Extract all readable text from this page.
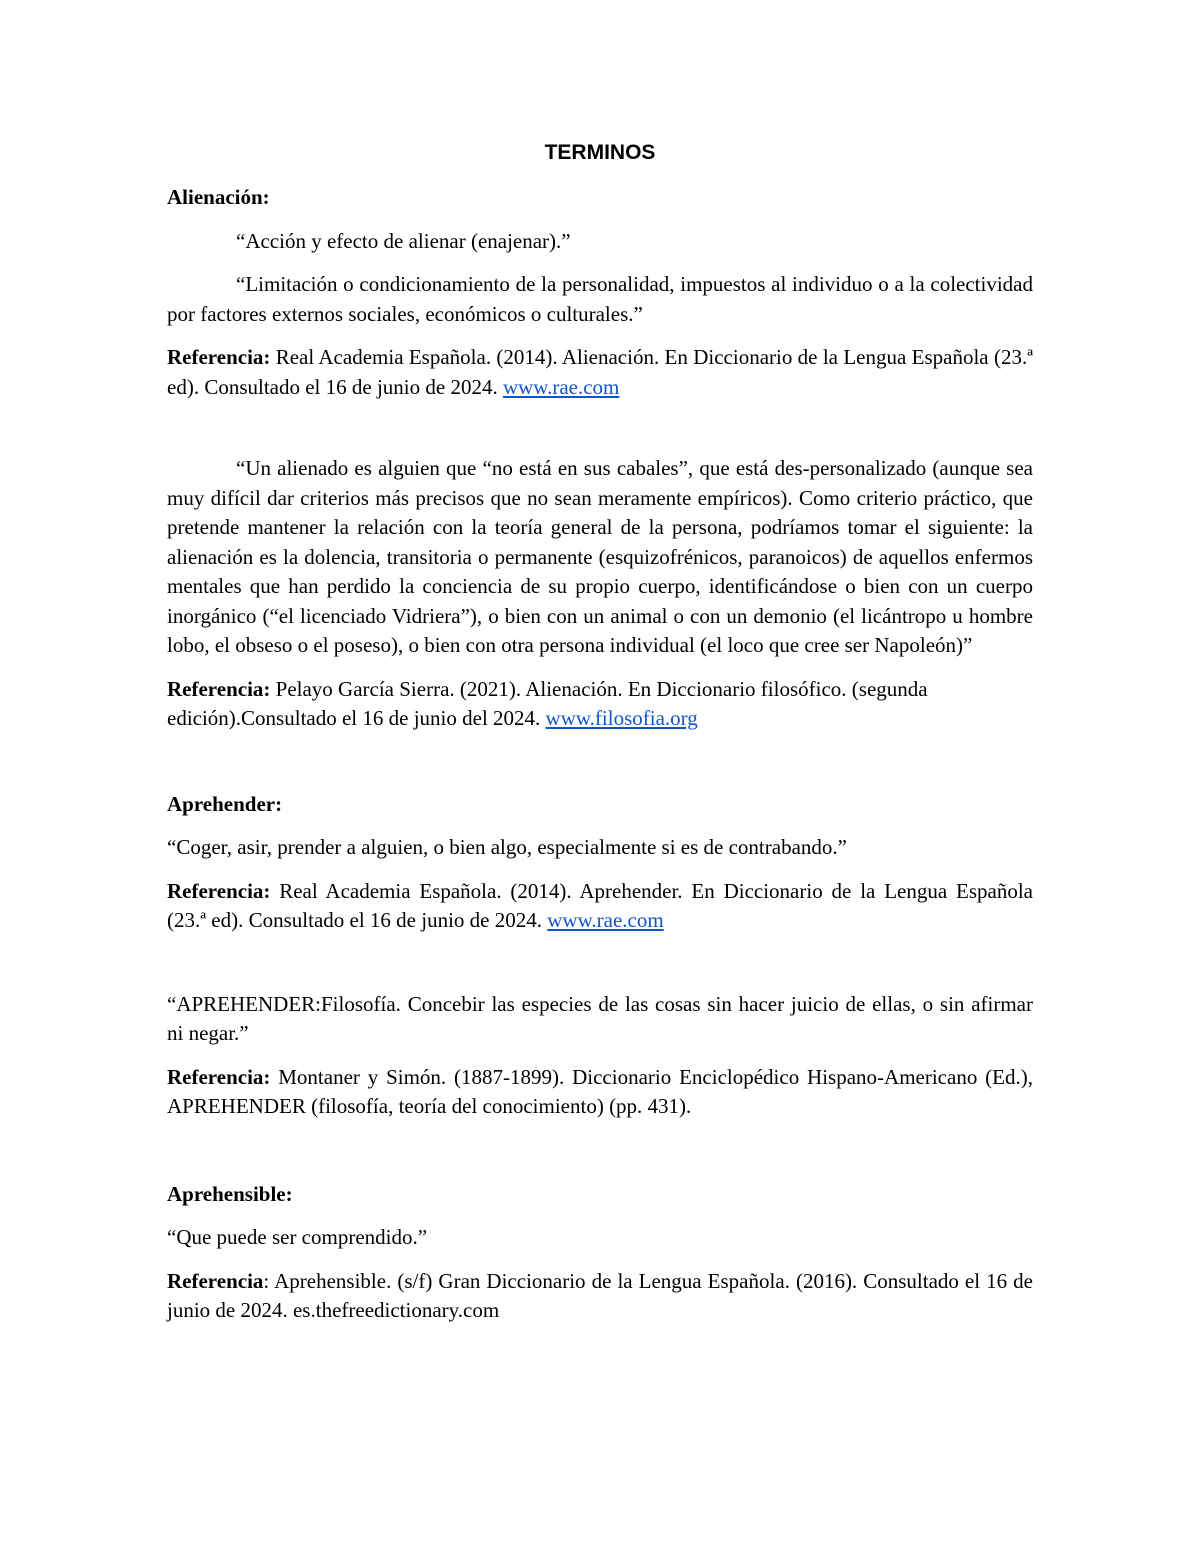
TERMINOS
Alienación:

“Acción y efecto de alienar (enajenar).”

“Limitación o condicionamiento de la personalidad, impuestos al individuo o a la colectividad por factores externos sociales, económicos o culturales.”

Referencia: Real Academia Española. (2014). Alienación. En Diccionario de la Lengua Española (23.ª ed). Consultado el 16 de junio de 2024. www.rae.com

“Un alienado es alguien que “no está en sus cabales”, que está des-personalizado (aunque sea muy difícil dar criterios más precisos que no sean meramente empíricos). Como criterio práctico, que pretende mantener la relación con la teoría general de la persona, podríamos tomar el siguiente: la alienación es la dolencia, transitoria o permanente (esquizofrénicos, paranoicos) de aquellos enfermos mentales que han perdido la conciencia de su propio cuerpo, identificándose o bien con un cuerpo inorgánico (“el licenciado Vidriera”), o bien con un animal o con un demonio (el licántropo u hombre lobo, el obseso o el poseso), o bien con otra persona individual (el loco que cree ser Napoleón)”

Referencia: Pelayo García Sierra. (2021). Alienación. En Diccionario filosófico. (segunda edición).Consultado el 16 de junio del 2024. www.filosofia.org

Aprehender:

“Coger, asir, prender a alguien, o bien algo, especialmente si es de contrabando.”

Referencia: Real Academia Española. (2014). Aprehender. En Diccionario de la Lengua Española (23.ª ed). Consultado el 16 de junio de 2024. www.rae.com

“APREHENDER:Filosofía. Concebir las especies de las cosas sin hacer juicio de ellas, o sin afirmar ni negar.”

Referencia: Montaner y Simón. (1887-1899). Diccionario Enciclopédico Hispano-Americano (Ed.), APREHENDER (filosofía, teoría del conocimiento) (pp. 431).

Aprehensible:

“Que puede ser comprendido.”

Referencia: Aprehensible. (s/f) Gran Diccionario de la Lengua Española. (2016). Consultado el 16 de junio de 2024. es.thefreedictionary.com
